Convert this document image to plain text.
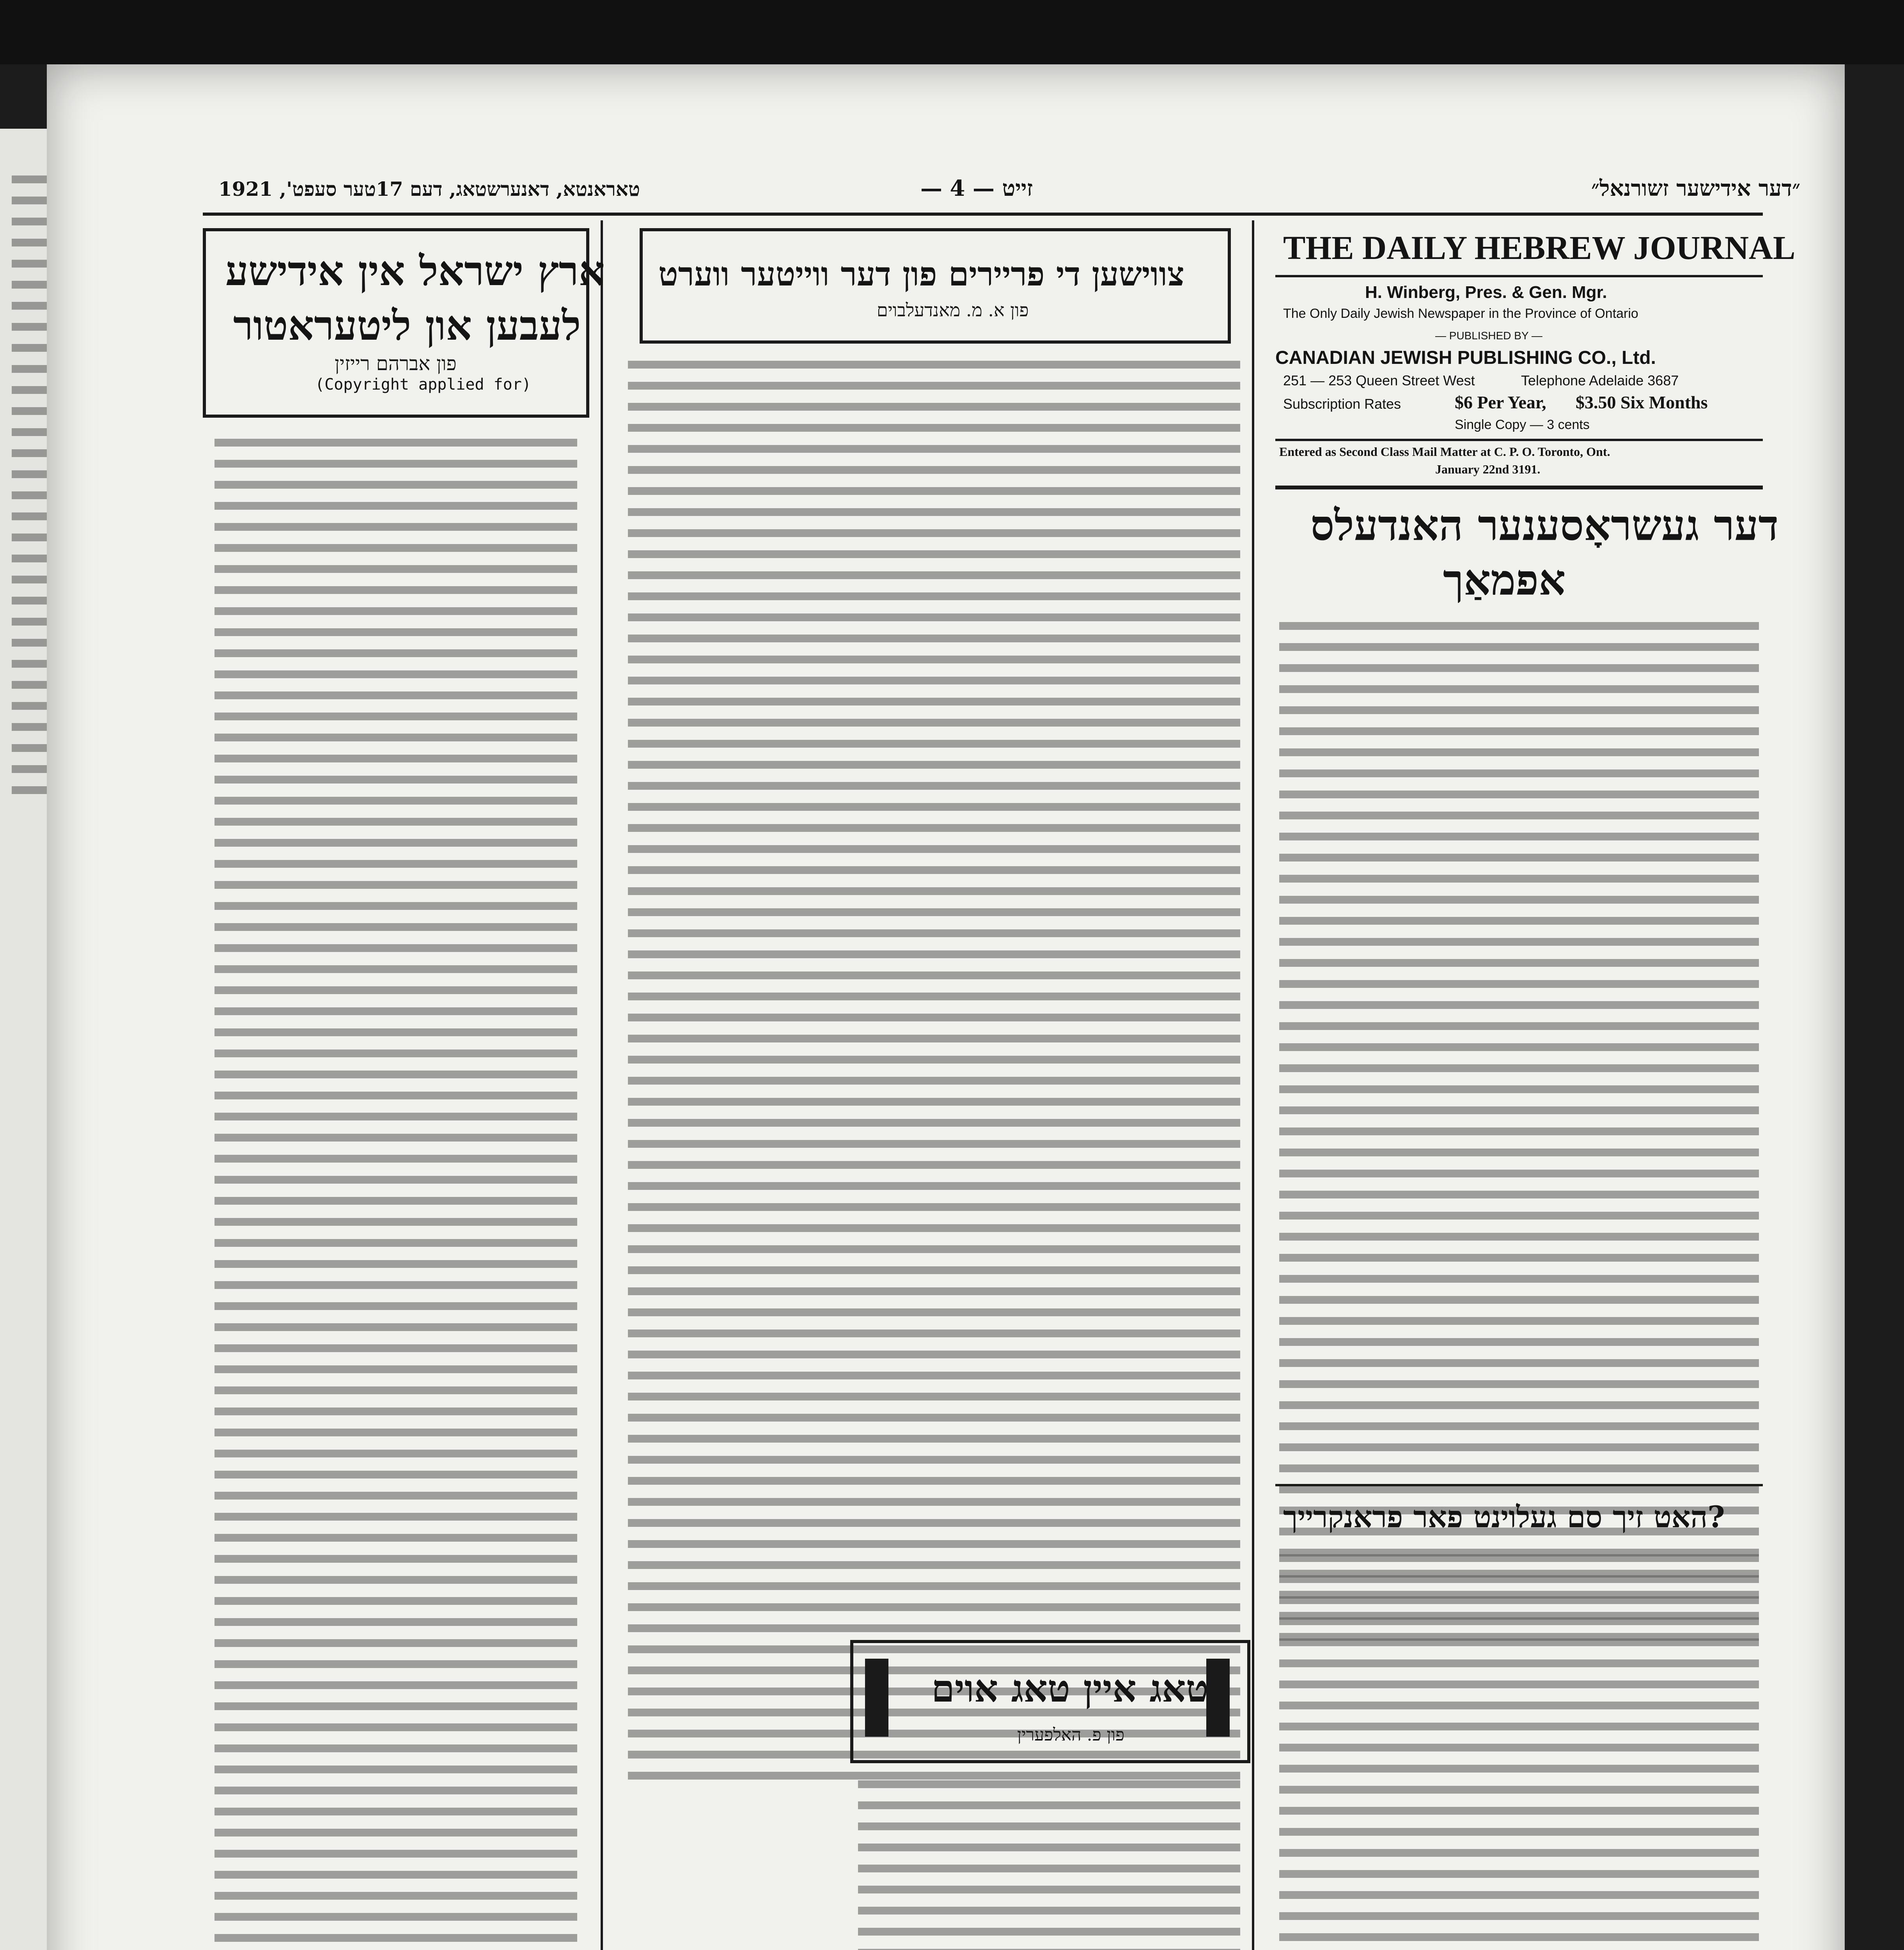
טאראנטא, דאנערשטאג, דעם 17טער סעפט', 1921	זייט — 4 —	״דער אידישער זשורנאל״

ארץ ישראל אין אידישע

לעבען און ליטעראטור

פון אברהם רייזין

(Copyright applied for)

צווישען די פריירים פון דער ווייטער ווערט

פון א. מ. מאנדעלבוים

טאג איין טאג אוים

פון פ. האלפערין

THE DAILY HEBREW JOURNAL

H. Winberg, Pres. & Gen. Mgr.

The Only Daily Jewish Newspaper in the Province of Ontario

— PUBLISHED BY —

CANADIAN JEWISH PUBLISHING CO., Ltd.

251 — 253 Queen Street West	Telephone Adelaide 3687

Subscription Rates	$6 Per Year, $3.50 Six Months

Single Copy — 3 cents

Entered as Second Class Mail Matter at C. P. O. Toronto, Ont.

January 22nd 3191.

דער געשראָסענער האנדעלס

אפמאַך

?האט זיך סם געלוינט פאר פראנקרייך
